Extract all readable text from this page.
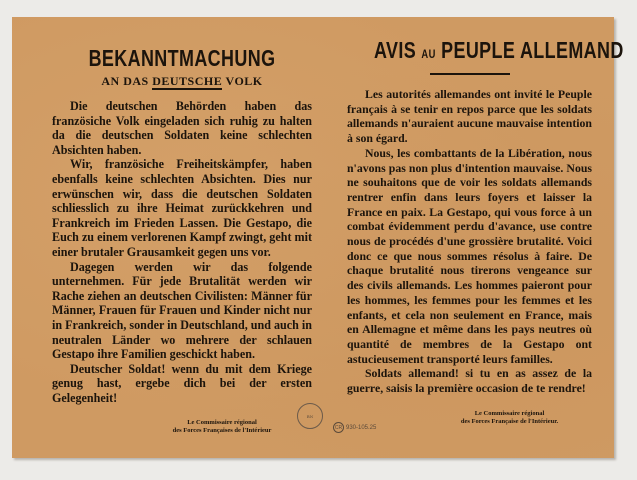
BEKANNTMACHUNG
AN DAS DEUTSCHE VOLK

Die deutschen Behörden haben das französiche Volk eingeladen sich ruhig zu halten da die deutschen Soldaten keine schlechten Absichten haben.

Wir, französiche Freiheitskämpfer, haben ebenfalls keine schlechten Absichten. Dies nur erwünschen wir, dass die deutschen Soldaten schliesslich zu ihre Heimat zurückkehren und Frankreich im Frieden Lassen. Die Gestapo, die Euch zu einem verlorenen Kampf zwingt, geht mit einer brutaler Grausamkeit gegen uns vor.

Dagegen werden wir das folgende unternehmen. Für jede Brutalität werden wir Rache ziehen an deutschen Civilisten: Männer für Männer, Frauen für Frauen und Kinder nicht nur in Frankreich, sonder in Deutschland, und auch in neutralen Länder wo mehrere der schlauen Gestapo ihre Familien geschickt haben.

Deutscher Soldat! wenn du mit dem Kriege genug hast, ergebe dich bei der ersten Gelegenheit!

Le Commissaire régional
des Forces Françaises de l'Intérieur
AVIS AU PEUPLE ALLEMAND

Les autorités allemandes ont invité le Peuple français à se tenir en repos parce que les soldats allemands n'auraient aucune mauvaise intention à son égard.

Nous, les combattants de la Libération, nous n'avons pas non plus d'intention mauvaise. Nous ne souhaitons que de voir les soldats allemands rentrer enfin dans leurs foyers et laisser la France en paix. La Gestapo, qui vous force à un combat évidemment perdu d'avance, use contre nous de procédés d'une grossière brutalité. Voici donc ce que nous sommes résolus à faire. De chaque brutalité nous tirerons vengeance sur des civils allemands. Les hommes paieront pour les hommes, les femmes pour les femmes et les enfants, et cela non seulement en France, mais en Allemagne et même dans les pays neutres où quantité de membres de la Gestapo ont astucieusement transporté leurs familles.

Soldats allemand! si tu en as assez de la guerre, saisis la première occasion de te rendre!

Le Commissaire régional
des Forces Française de l'Intérieur.
BN
CR 930-105.25
